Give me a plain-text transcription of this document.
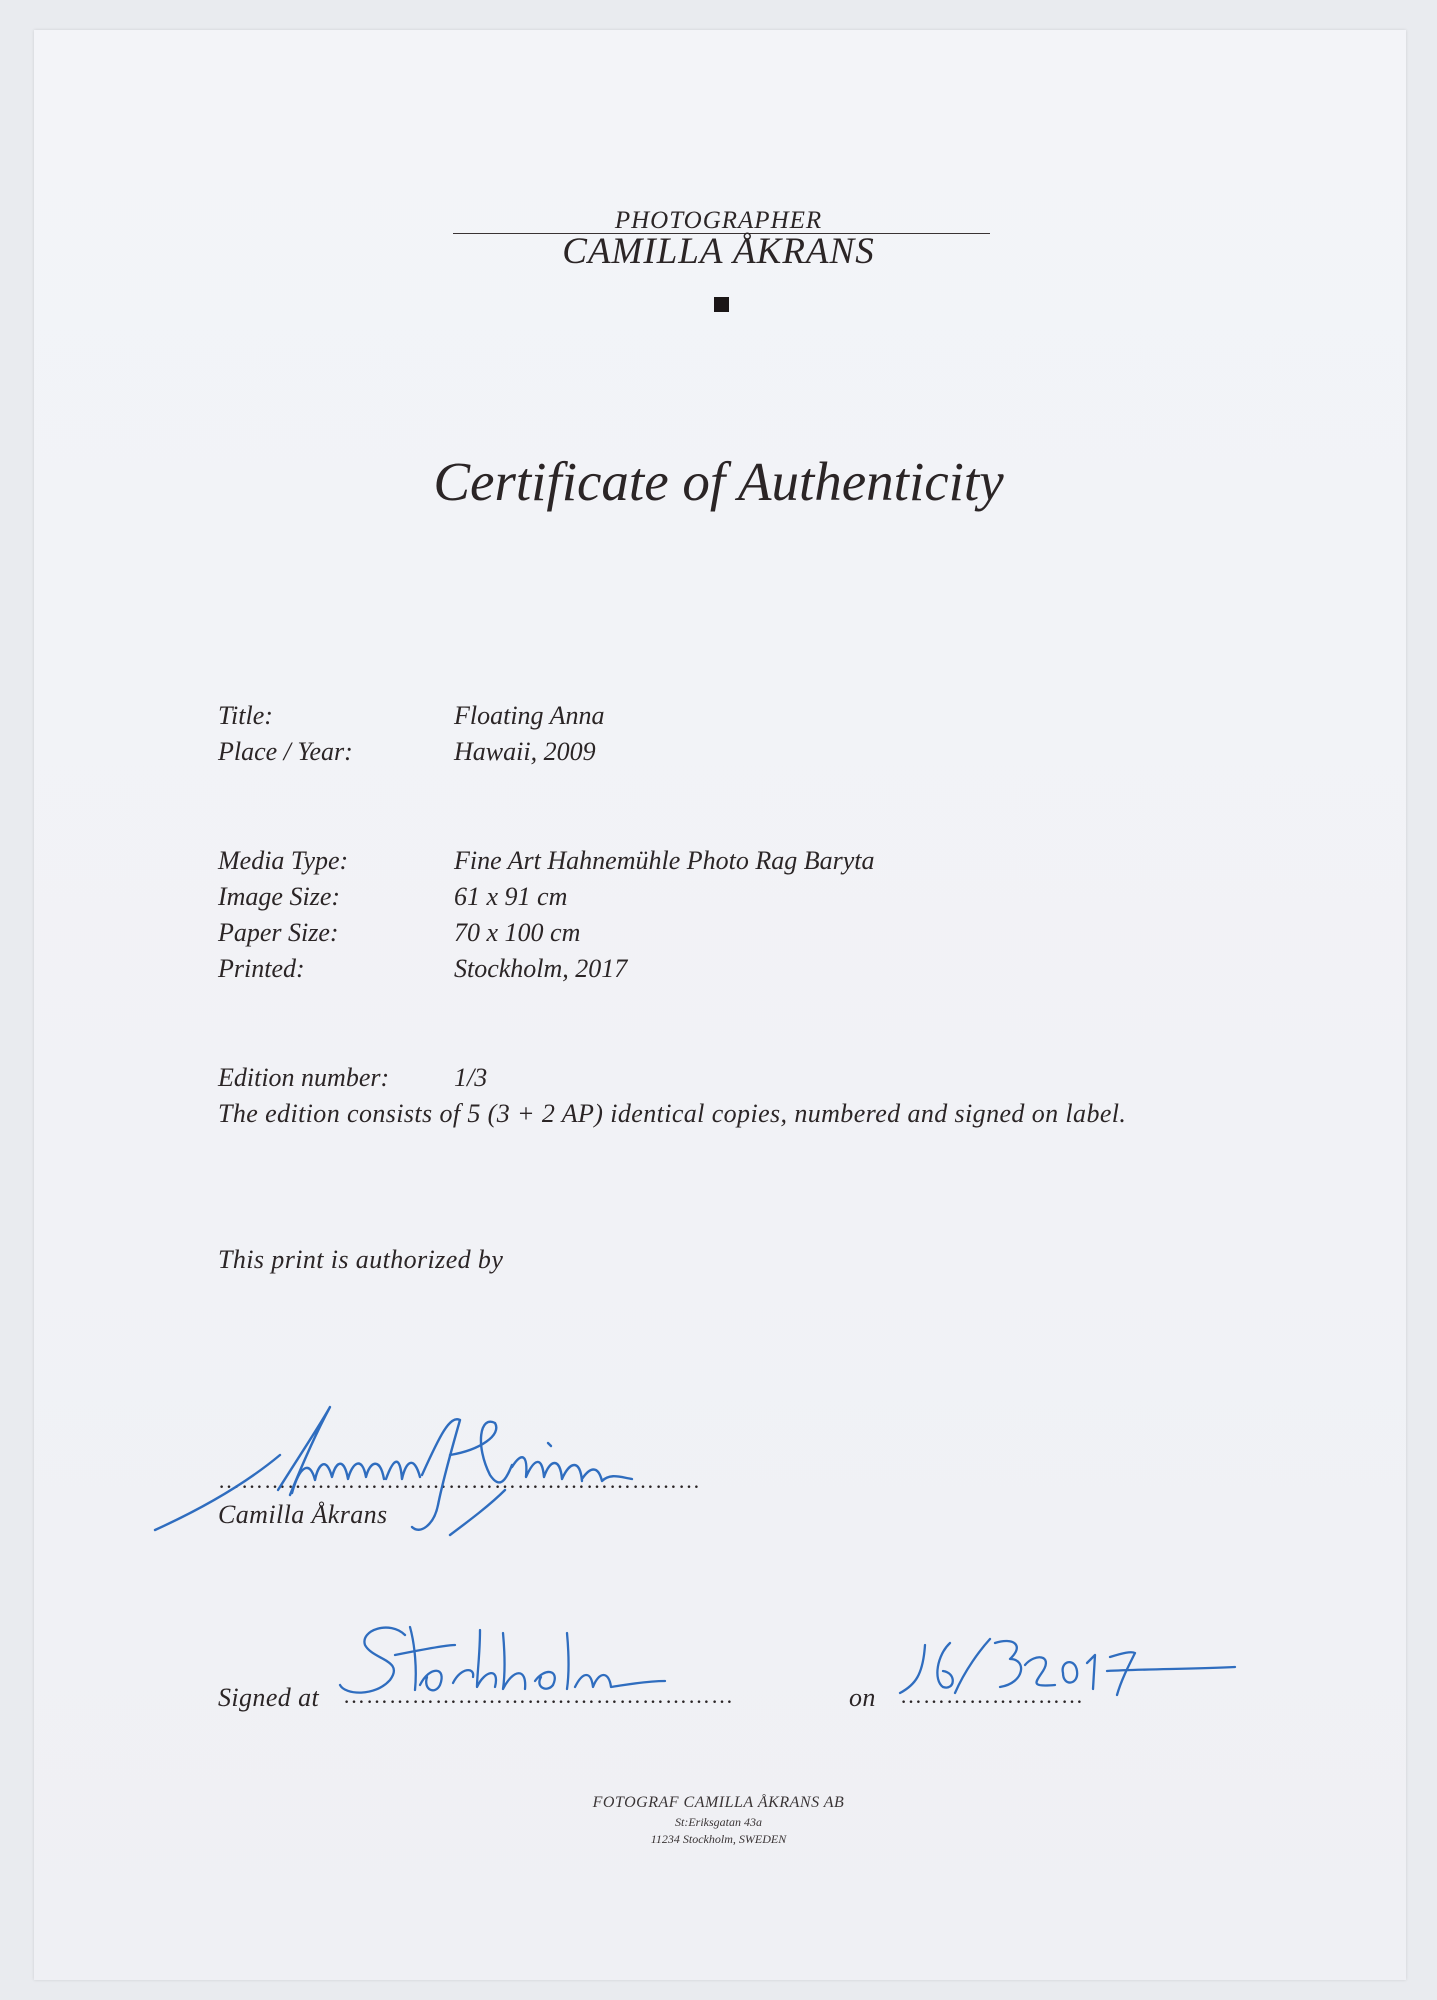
PHOTOGRAPHER
CAMILLA ÅKRANS
Certificate of Authenticity
Title:	Floating Anna
Place / Year:	Hawaii, 2009
Media Type:	Fine Art Hahnemühle Photo Rag Baryta
Image Size:	61 x 91 cm
Paper Size:	70 x 100 cm
Printed:	Stockholm, 2017
Edition number: 1/3
The edition consists of 5 (3 + 2 AP) identical copies, numbered and signed on label.
This print is authorized by
………………………………………………………
Camilla Åkrans
Signed at ……………………………………………	on ……………………
FOTOGRAF CAMILLA ÅKRANS AB
St:Eriksgatan 43a
11234 Stockholm, SWEDEN
